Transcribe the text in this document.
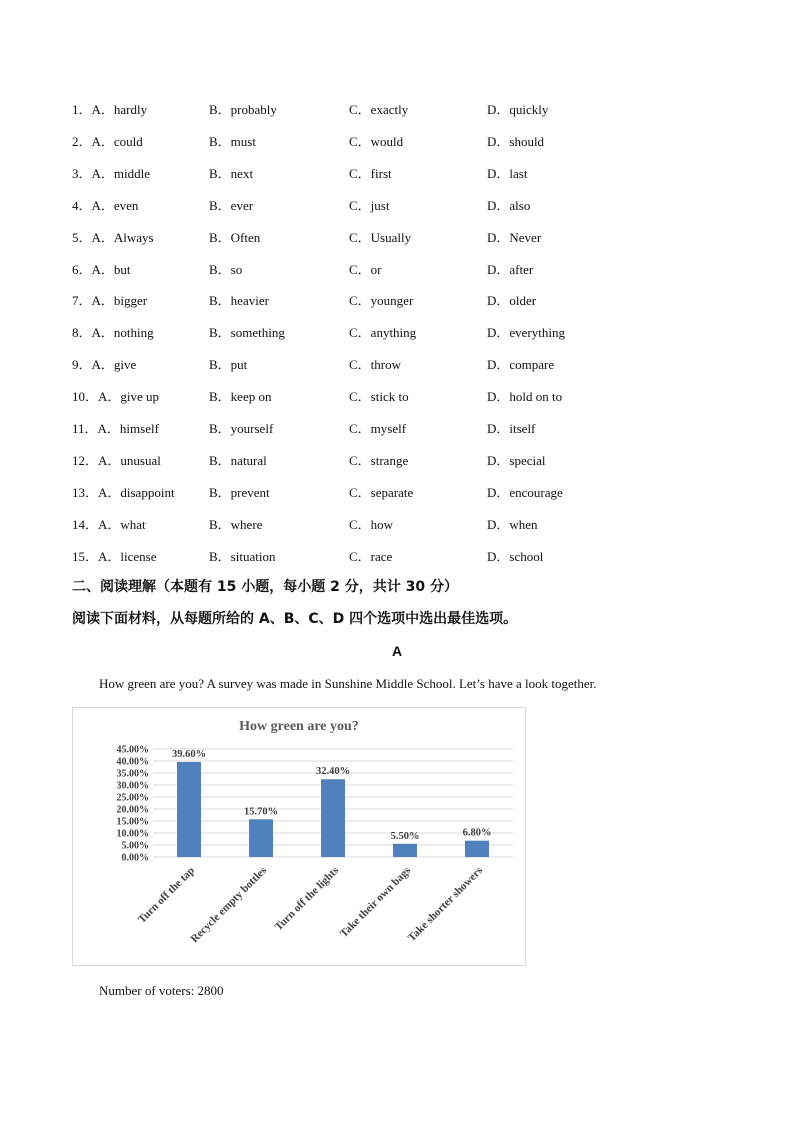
1．A．hardly	B．probably	C．exactly	D．quickly
2．A．could	B．must	C．would	D．should
3．A．middle	B．next	C．first	D．last
4．A．even	B．ever	C．just	D．also
5．A．Always	B．Often	C．Usually	D．Never
6．A．but	B．so	C．or	D．after
7．A．bigger	B．heavier	C．younger	D．older
8．A．nothing	B．something	C．anything	D．everything
9．A．give	B．put	C．throw	D．compare
10．A．give up	B．keep on	C．stick to	D．hold on to
11．A．himself	B．yourself	C．myself	D．itself
12．A．unusual	B．natural	C．strange	D．special
13．A．disappoint	B．prevent	C．separate	D．encourage
14．A．what	B．where	C．how	D．when
15．A．license	B．situation	C．race	D．school
二、阅读理解（本题有 15 小题，每小题 2 分，共计 30 分）
阅读下面材料，从每题所给的 A、B、C、D 四个选项中选出最佳选项。
A
How green are you? A survey was made in Sunshine Middle School. Let’s have a look together.
How green are you?
0.00%
5.00%
10.00%
15.00%
20.00%
25.00%
30.00%
35.00%
40.00%
45.00% 39.60%
15.70%
32.40%
5.50%	6.80%
Turn off the tap
Recycle empty bottles Turn off the lights
Take their own bags
Take shorter showers
Number of voters: 2800
